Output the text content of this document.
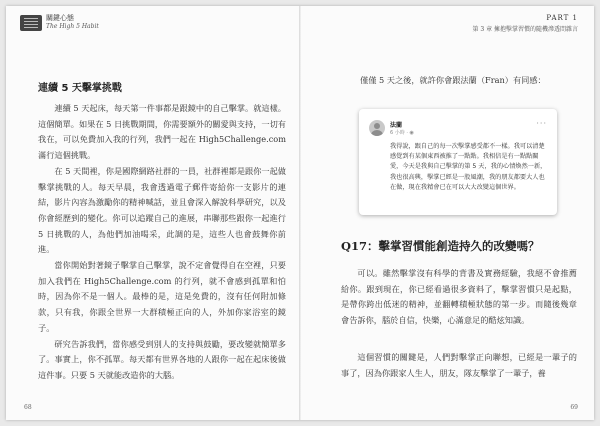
關鍵心態
The High 5 Habit
連續 5 天擊掌挑戰

連續 5 天起床，每天第一件事都是跟鏡中的自己擊掌。就這樣。這個簡單。如果在 5 日挑戰期間，你需要額外的關愛與支持，一切有我在，可以免費加入我的行列，我們一起在 High5Challenge.com 滿行這個挑戰。

在 5 天間裡，你是國際網路社群的一員，社群裡都是跟你一起做擊掌挑戰的人。每天早晨，我會透過電子郵件寄給你一支影片的連結，影片內容為激勵你的精神喊話，並且會深入解說科學研究，以及你會經歷到的變化。你可以追蹤自己的進展，串聯那些跟你一起進行 5 日挑戰的人，為他們加油喝采，此調的是，這些人也會鼓舞你前進。

當你開始對著鏡子擊掌自己擊掌，說不定會覺得自在空裡，只要加入我們在 High5Challenge.com 的行列，就不會感到孤單和怕時，因為你不是一個人。最棒的是，這是免費的，沒有任何附加條款，只有我，你跟全世界一大群積極正向的人，外加你家浴室的鏡子。

研究告訴我們，當你感受到別人的支持與鼓勵，要改變就簡單多了。事實上，你不孤單。每天都有世界各地的人跟你一起在起床後做這件事。只要 5 天就能改造你的大腦。

68
PART 1
第 3 章 擁抱擊掌習慣的隨機滲透問雜言
僅僅 5 天之後，就許你會跟法蘭（Fran）有同感：
法蘭
6 小時 · ◉
···
我得說，跟自己的每一次擊掌感受都不一樣。我可以清楚感覺到有某個東西被推了一點點。我相信是有一點點關愛，今天是我與自己擊掌的第 5 天，我的心情煥然一新，我也很高興，擊掌已經是一股風潮，我的朋友都要大人也在做，現在我精會已在可以大大改變這個世界。
Q17：擊掌習慣能創造持久的改變嗎？

可以。雖然擊掌沒有科學的背書及實務經驗，我絕不會推薦給你。跟到現在，你已經看過很多資料了，擊掌習慣只是起點，是帶你跨出低迷的精神，並翻轉積極狀態的第一步。而隨後幾章會告訴你，腦於自信，快樂，心滿意足的酷炫知識。

這個習慣的關鍵是，人們對擊掌正向聯想，已經是一輩子的事了，因為你跟家人生人，朋友，隊友擊掌了一輩子，養

69
